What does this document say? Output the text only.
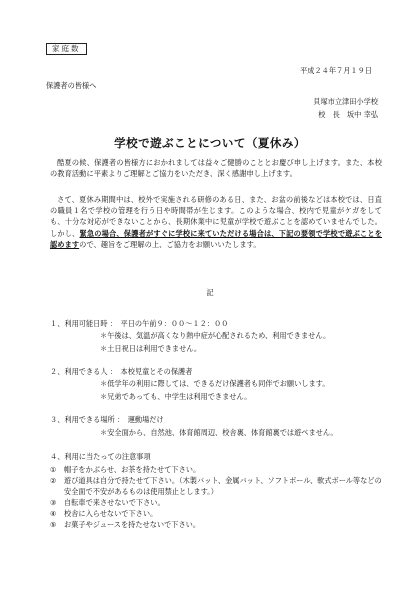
家庭数
平成２４年７月１９日
保護者の皆様へ
貝塚市立津田小学校
校　長　坂中 幸弘
学校で遊ぶことについて（夏休み）
酷夏の候、保護者の皆様方におかれましては益々ご健勝のこととお慶び申し上げます。また、本校の教育活動に平素よりご理解とご協力をいただき、深く感謝申し上げます。
さて、夏休み期間中は、校外で実施される研修のある日、また、お盆の前後などは本校では、日直の職員１名で学校の管理を行う日や時間帯が生じます。このような場合、校内で児童がケガをしても、十分な対応ができないことから、長期休業中に児童が学校で遊ぶことを認めていませんでした。しかし、緊急の場合、保護者がすぐに学校に来ていただける場合は、下記の要領で学校で遊ぶことを認めますので、趣旨をご理解の上、ご協力をお願いいたします。
記
１、利用可能日時 ：　平日の午前９：００～１２：００
＊午後は、気温が高くなり熱中症が心配されるため、利用できません。
＊土日祝日は利用できません。
２、利用できる人 ：　本校児童とその保護者
＊低学年の利用に際しては、できるだけ保護者も同伴でお願いします。
＊兄弟であっても、中学生は利用できません。
３、利用できる場所 ：　運動場だけ
＊安全面から、自然池、体育館周辺、校舎裏、体育館裏では遊べません。
４、利用に当たっての注意事項
①	帽子をかぶらせ、お茶を持たせて下さい。
②	遊び道具は自分で持たせて下さい。（木製バット、金属バット、ソフトボール、軟式ボール等などの安全面で不安があるものは使用禁止とします。）
③	自転車で来させないで下さい。
④	校舎に入らせないで下さい。
⑤	お菓子やジュースを持たせないで下さい。
